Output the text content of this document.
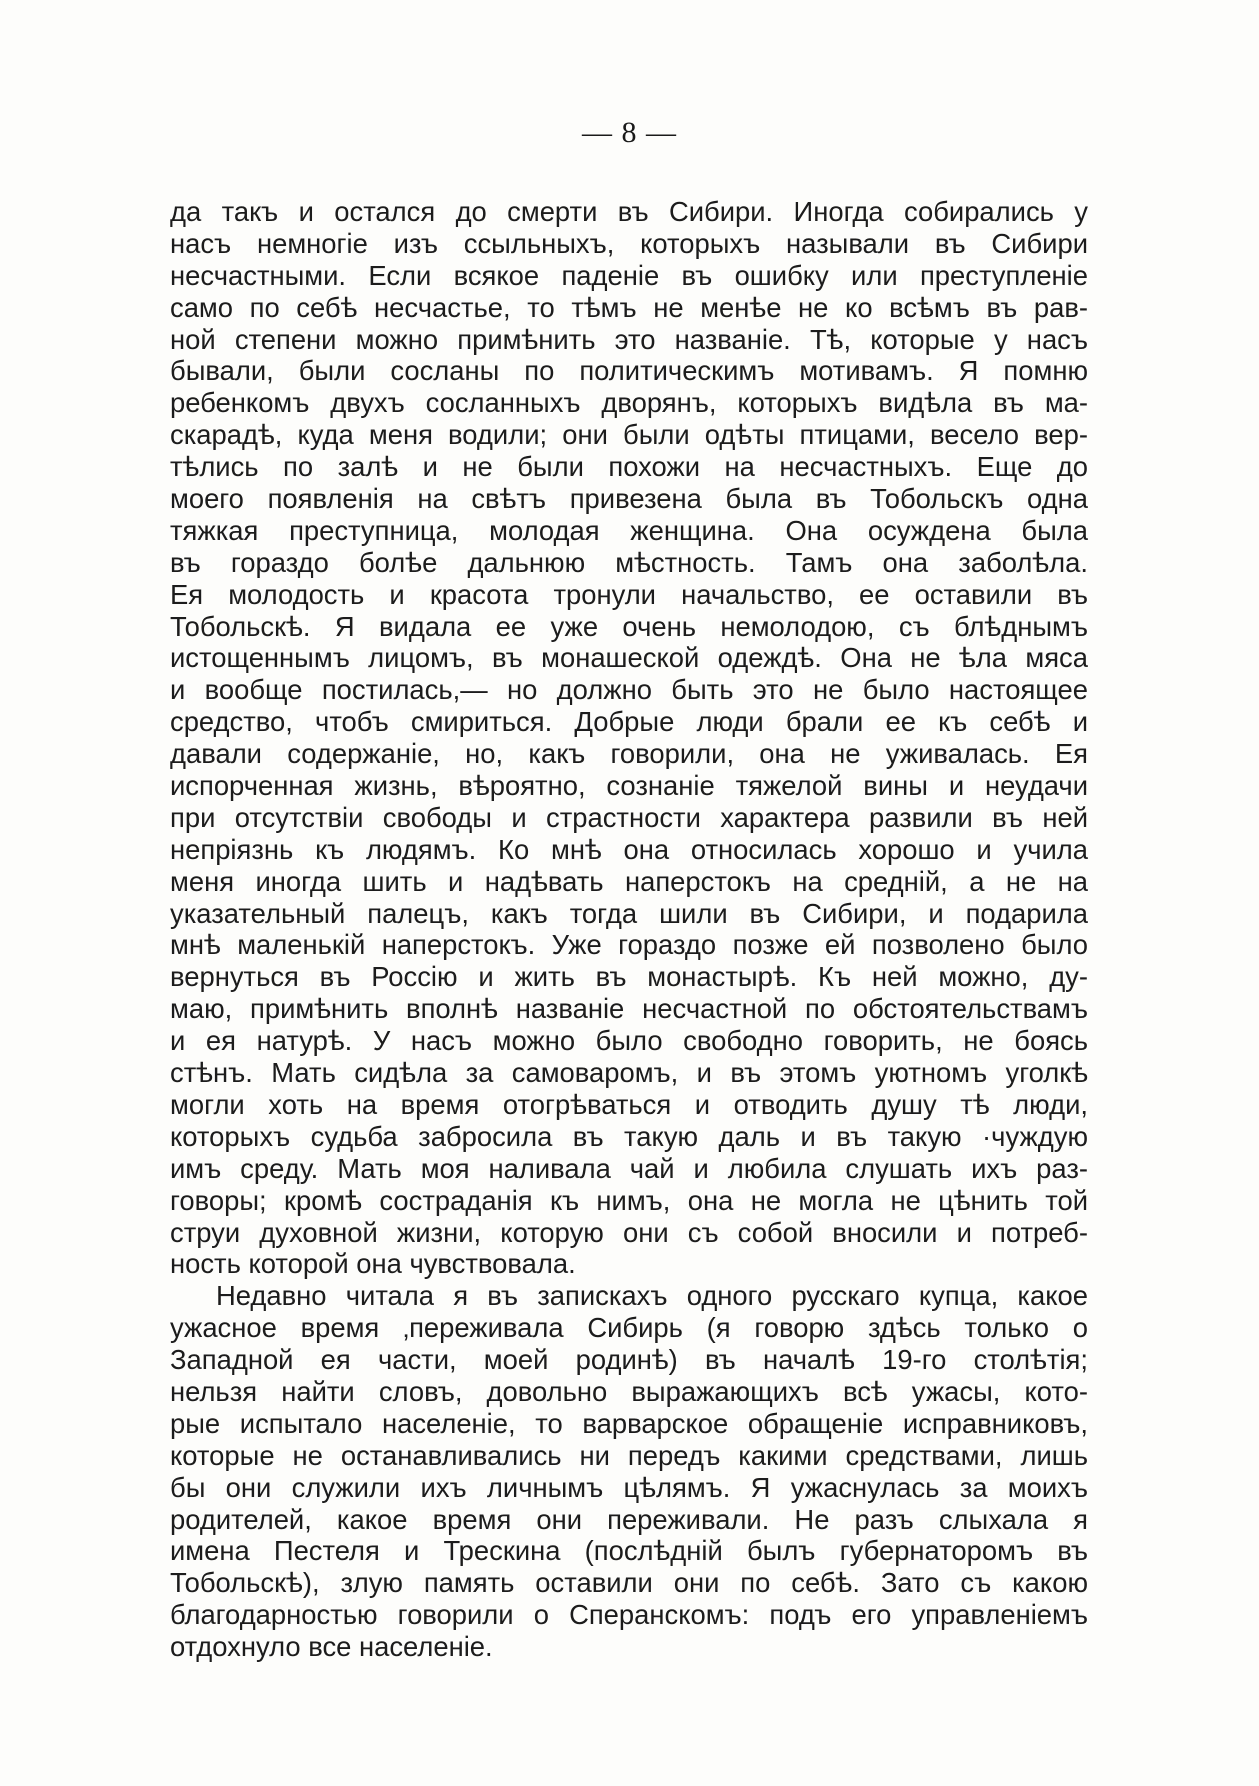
— 8 —
да такъ и остался до смерти въ Сибири. Иногда собирались у
насъ немногіе изъ ссыльныхъ, которыхъ называли въ Сибири
несчастными. Если всякое паденіе въ ошибку или преступленіе
само по себѣ несчастье, то тѣмъ не менѣе не ко всѣмъ въ рав-
ной степени можно примѣнить это названіе. Тѣ, которые у насъ
бывали, были сосланы по политическимъ мотивамъ. Я помню
ребенкомъ двухъ сосланныхъ дворянъ, которыхъ видѣла въ ма-
скарадѣ, куда меня водили; они были одѣты птицами, весело вер-
тѣлись по залѣ и не были похожи на несчастныхъ. Еще до
моего появленія на свѣтъ привезена была въ Тобольскъ одна
тяжкая преступница, молодая женщина. Она осуждена была
въ гораздо болѣе дальнюю мѣстность. Тамъ она заболѣла.
Ея молодость и красота тронули начальство, ее оставили въ
Тобольскѣ. Я видала ее уже очень немолодою, съ блѣднымъ
истощеннымъ лицомъ, въ монашеской одеждѣ. Она не ѣла мяса
и вообще постилась,— но должно быть это не было настоящее
средство, чтобъ смириться. Добрые люди брали ее къ себѣ и
давали содержаніе, но, какъ говорили, она не уживалась. Ея
испорченная жизнь, вѣроятно, сознаніе тяжелой вины и неудачи
при отсутствіи свободы и страстности характера развили въ ней
непріязнь къ людямъ. Ко мнѣ она относилась хорошо и учила
меня иногда шить и надѣвать наперстокъ на средній, а не на
указательный палецъ, какъ тогда шили въ Сибири, и подарила
мнѣ маленькій наперстокъ. Уже гораздо позже ей позволено было
вернуться въ Россію и жить въ монастырѣ. Къ ней можно, ду-
маю, примѣнить вполнѣ названіе несчастной по обстоятельствамъ
и ея натурѣ. У насъ можно было свободно говорить, не боясь
стѣнъ. Мать сидѣла за самоваромъ, и въ этомъ уютномъ уголкѣ
могли хоть на время отогрѣваться и отводить душу тѣ люди,
которыхъ судьба забросила въ такую даль и въ такую ·чуждую
имъ среду. Мать моя наливала чай и любила слушать ихъ раз-
говоры; кромѣ состраданія къ нимъ, она не могла не цѣнить той
струи духовной жизни, которую они съ собой вносили и потреб-
ность которой она чувствовала.
Недавно читала я въ запискахъ одного русскаго купца, какое
ужасное время ‚переживала Сибирь (я говорю здѣсь только о
Западной ея части, моей родинѣ) въ началѣ 19-го столѣтія;
нельзя найти словъ, довольно выражающихъ всѣ ужасы, кото-
рые испытало населеніе, то варварское обращеніе исправниковъ,
которые не останавливались ни передъ какими средствами, лишь
бы они служили ихъ личнымъ цѣлямъ. Я ужаснулась за моихъ
родителей, какое время они переживали. Не разъ слыхала я
имена Пестеля и Трескина (послѣдній былъ губернаторомъ въ
Тобольскѣ), злую память оставили они по себѣ. Зато съ какою
благодарностью говорили о Сперанскомъ: подъ его управленіемъ
отдохнуло все населеніе.
